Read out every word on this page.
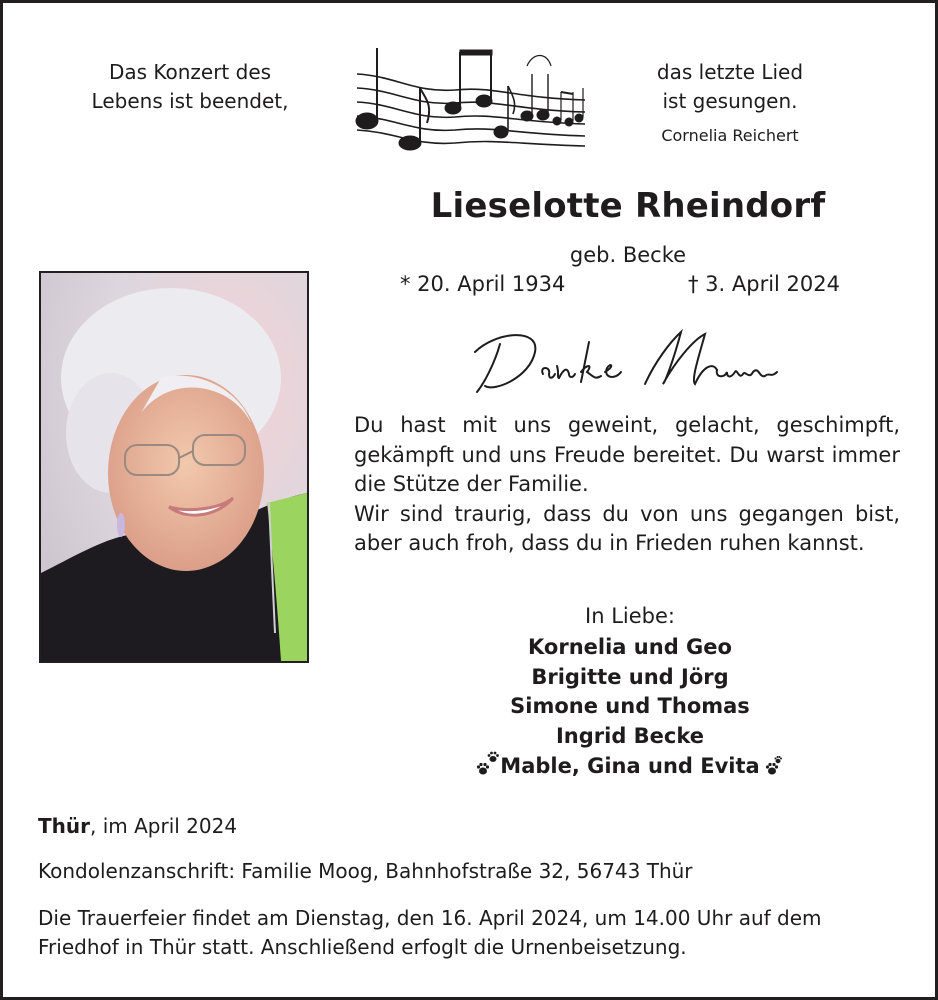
Das Konzert des
Lebens ist beendet,
das letzte Lied
ist gesungen.
Cornelia Reichert
Lieselotte Rheindorf
geb. Becke
* 20. April 1934	† 3. April 2024

Du hast mit uns geweint, gelacht, geschimpft, gekämpft und uns Freude bereitet. Du warst immer die Stütze der Familie.

Wir sind traurig, dass du von uns gegangen bist, aber auch froh, dass du in Frieden ruhen kannst.

In Liebe:
Kornelia und Geo
Brigitte und Jörg
Simone und Thomas
Ingrid Becke
Mable, Gina und Evita
Thür, im April 2024
Kondolenzanschrift: Familie Moog, Bahnhofstraße 32, 56743 Thür
Die Trauerfeier findet am Dienstag, den 16. April 2024, um 14.00 Uhr auf dem Friedhof in Thür statt. Anschließend erfoglt die Urnenbeisetzung.
